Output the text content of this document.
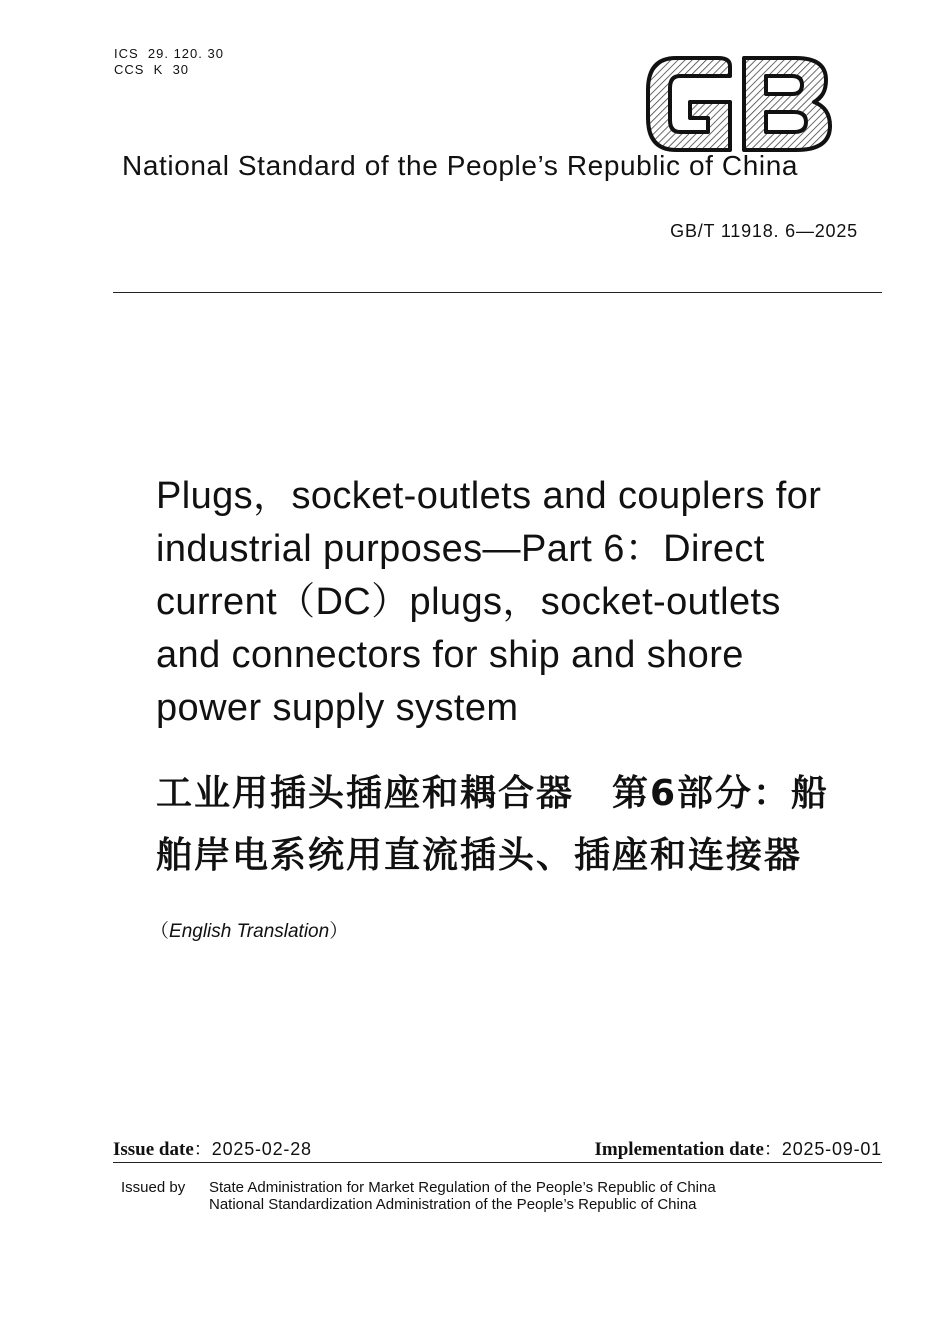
ICS  29. 120. 30
CCS  K  30
National Standard of the People’s Republic of China
GB/T 11918. 6—2025
Plugs，socket-outlets and couplers for
industrial purposes—Part 6：Direct
current（DC）plugs，socket-outlets
and connectors for ship and shore
power supply system
工业用插头插座和耦合器　第6部分：船
舶岸电系统用直流插头、插座和连接器
（English Translation）
Issue date：2025-02-28	Implementation date：2025-09-01
Issued by State Administration for Market Regulation of the People’s Republic of China
National Standardization Administration of the People’s Republic of China
